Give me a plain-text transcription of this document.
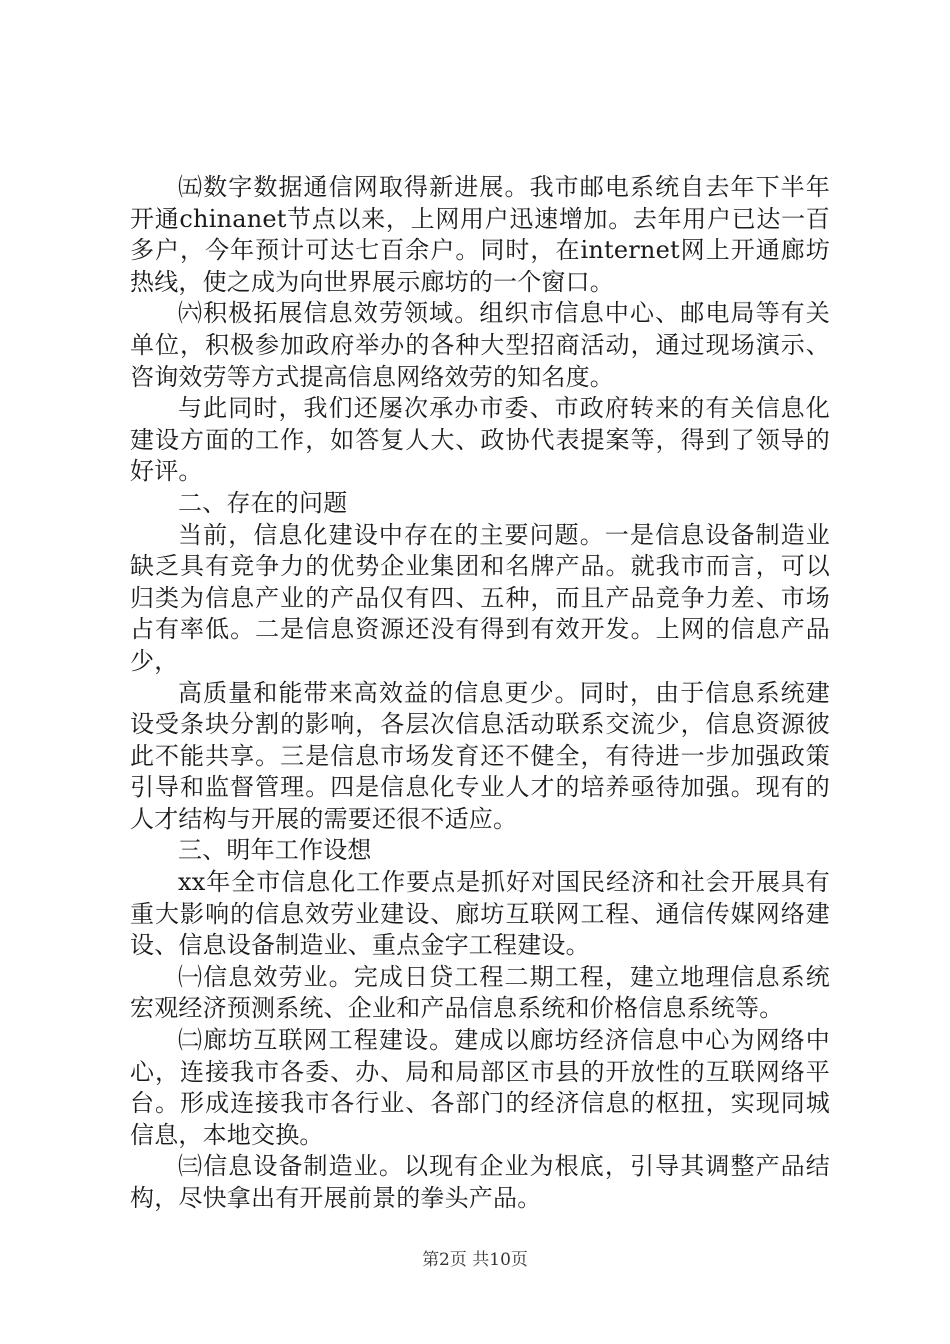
㈤数字数据通信网取得新进展。我市邮电系统自去年下半年开通chinanet节点以来，上网用户迅速增加。去年用户已达一百多户，今年预计可达七百余户。同时，在internet网上开通廊坊热线，使之成为向世界展示廊坊的一个窗口。

㈥积极拓展信息效劳领域。组织市信息中心、邮电局等有关单位，积极参加政府举办的各种大型招商活动，通过现场演示、咨询效劳等方式提高信息网络效劳的知名度。

与此同时，我们还屡次承办市委、市政府转来的有关信息化建设方面的工作，如答复人大、政协代表提案等，得到了领导的好评。

二、存在的问题

当前，信息化建设中存在的主要问题。一是信息设备制造业缺乏具有竞争力的优势企业集团和名牌产品。就我市而言，可以归类为信息产业的产品仅有四、五种，而且产品竞争力差、市场占有率低。二是信息资源还没有得到有效开发。上网的信息产品少，

高质量和能带来高效益的信息更少。同时，由于信息系统建设受条块分割的影响，各层次信息活动联系交流少，信息资源彼此不能共享。三是信息市场发育还不健全，有待进一步加强政策引导和监督管理。四是信息化专业人才的培养亟待加强。现有的人才结构与开展的需要还很不适应。

三、明年工作设想

xx年全市信息化工作要点是抓好对国民经济和社会开展具有重大影响的信息效劳业建设、廊坊互联网工程、通信传媒网络建设、信息设备制造业、重点金字工程建设。

㈠信息效劳业。完成日贷工程二期工程，建立地理信息系统宏观经济预测系统、企业和产品信息系统和价格信息系统等。

㈡廊坊互联网工程建设。建成以廊坊经济信息中心为网络中心，连接我市各委、办、局和局部区市县的开放性的互联网络平台。形成连接我市各行业、各部门的经济信息的枢扭，实现同城信息，本地交换。

㈢信息设备制造业。以现有企业为根底，引导其调整产品结构，尽快拿出有开展前景的拳头产品。

第2页 共10页
